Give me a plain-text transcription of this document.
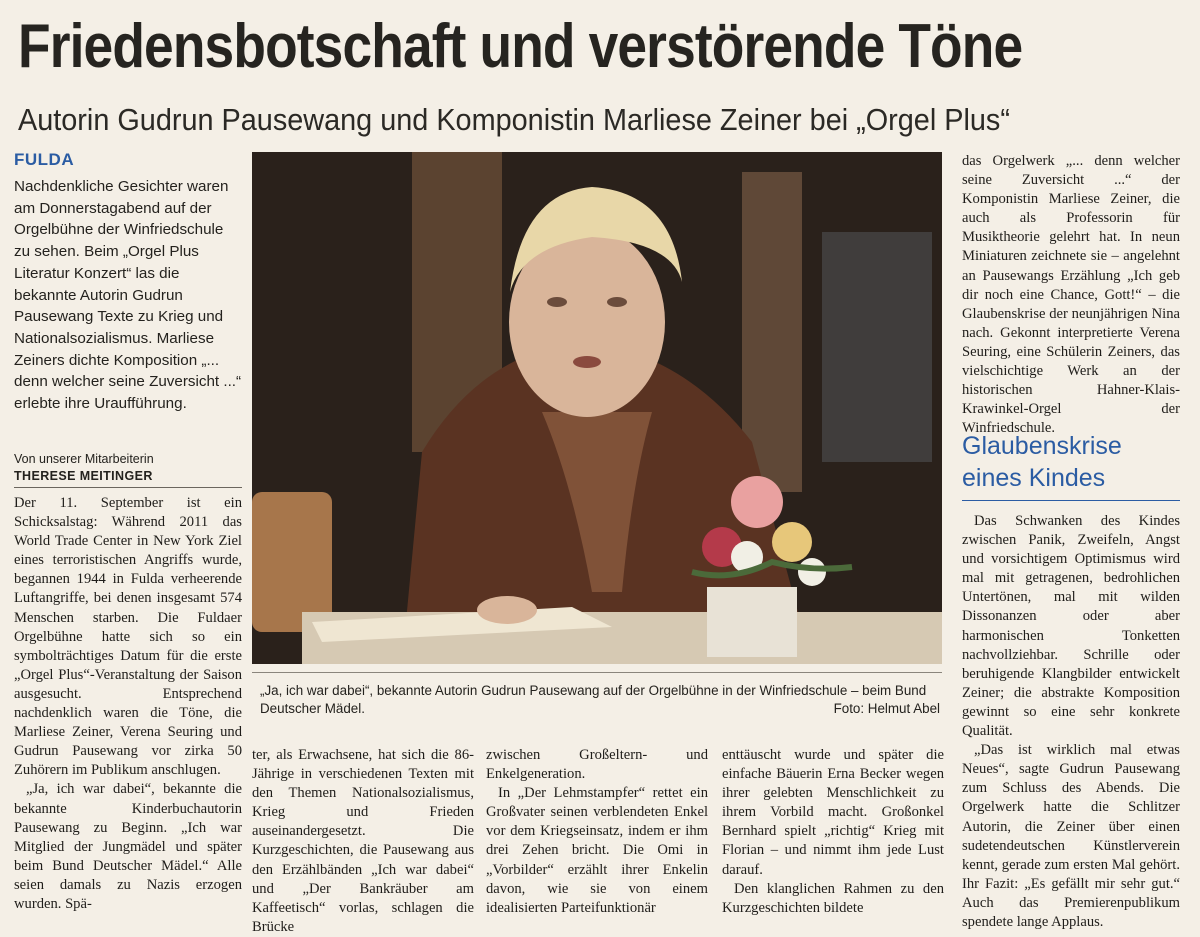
Friedensbotschaft und verstörende Töne
Autorin Gudrun Pausewang und Komponistin Marliese Zeiner bei „Orgel Plus“
FULDA
Nachdenkliche Gesichter waren am Donnerstagabend auf der Orgelbühne der Winfriedschule zu sehen. Beim „Orgel Plus Literatur Konzert“ las die bekannte Autorin Gudrun Pausewang Texte zu Krieg und Nationalsozialismus. Marliese Zeiners dichte Komposition „... denn welcher seine Zuversicht ...“ erlebte ihre Uraufführung.
Von unserer Mitarbeiterin
THERESE MEITINGER

Der 11. September ist ein Schicksalstag: Während 2011 das World Trade Center in New York Ziel eines terroristischen Angriffs wurde, begannen 1944 in Fulda verheerende Luftangriffe, bei denen insgesamt 574 Menschen starben. Die Fuldaer Orgelbühne hatte sich so ein symbolträchtiges Datum für die erste „Orgel Plus“-Veranstaltung der Saison ausgesucht. Entsprechend nachdenklich waren die Töne, die Marliese Zeiner, Verena Seuring und Gudrun Pausewang vor zirka 50 Zuhörern im Publikum anschlugen.

„Ja, ich war dabei“, bekannte die bekannte Kinderbuchautorin Pausewang zu Beginn. „Ich war Mitglied der Jungmädel und später beim Bund Deutscher Mädel.“ Alle seien damals zu Nazis erzogen wurden. Spä-

„Ja, ich war dabei“, bekannte Autorin Gudrun Pausewang auf der Orgelbühne in der Winfriedschule – beim Bund Deutscher Mädel.	Foto: Helmut Abel

ter, als Erwachsene, hat sich die 86-Jährige in verschiedenen Texten mit den Themen Nationalsozialismus, Krieg und Frieden auseinandergesetzt. Die Kurzgeschichten, die Pausewang aus den Erzählbänden „Ich war dabei“ und „Der Bankräuber am Kaffeetisch“ vorlas, schlagen die Brücke

zwischen Großeltern- und Enkelgeneration.

In „Der Lehmstampfer“ rettet ein Großvater seinen verblendeten Enkel vor dem Kriegseinsatz, indem er ihm drei Zehen bricht. Die Omi in „Vorbilder“ erzählt ihrer Enkelin davon, wie sie von einem idealisierten Parteifunktionär

enttäuscht wurde und später die einfache Bäuerin Erna Becker wegen ihrer gelebten Menschlichkeit zu ihrem Vorbild macht. Großonkel Bernhard spielt „richtig“ Krieg mit Florian – und nimmt ihm jede Lust darauf.

Den klanglichen Rahmen zu den Kurzgeschichten bildete

das Orgelwerk „... denn welcher seine Zuversicht ...“ der Komponistin Marliese Zeiner, die auch als Professorin für Musiktheorie gelehrt hat. In neun Miniaturen zeichnete sie – angelehnt an Pausewangs Erzählung „Ich geb dir noch eine Chance, Gott!“ – die Glaubenskrise der neunjährigen Nina nach. Gekonnt interpretierte Verena Seuring, eine Schülerin Zeiners, das vielschichtige Werk an der historischen Hahner-Klais-Krawinkel-Orgel der Winfriedschule.

Glaubenskrise eines Kindes

Das Schwanken des Kindes zwischen Panik, Zweifeln, Angst und vorsichtigem Optimismus wird mal mit getragenen, bedrohlichen Untertönen, mal mit wilden Dissonanzen oder aber harmonischen Tonketten nachvollziehbar. Schrille oder beruhigende Klangbilder entwickelt Zeiner; die abstrakte Komposition gewinnt so eine sehr konkrete Qualität.

„Das ist wirklich mal etwas Neues“, sagte Gudrun Pausewang zum Schluss des Abends. Die Orgelwerk hatte die Schlitzer Autorin, die Zeiner über einen sudetendeutschen Künstlerverein kennt, gerade zum ersten Mal gehört. Ihr Fazit: „Es gefällt mir sehr gut.“ Auch das Premierenpublikum spendete lange Applaus.
